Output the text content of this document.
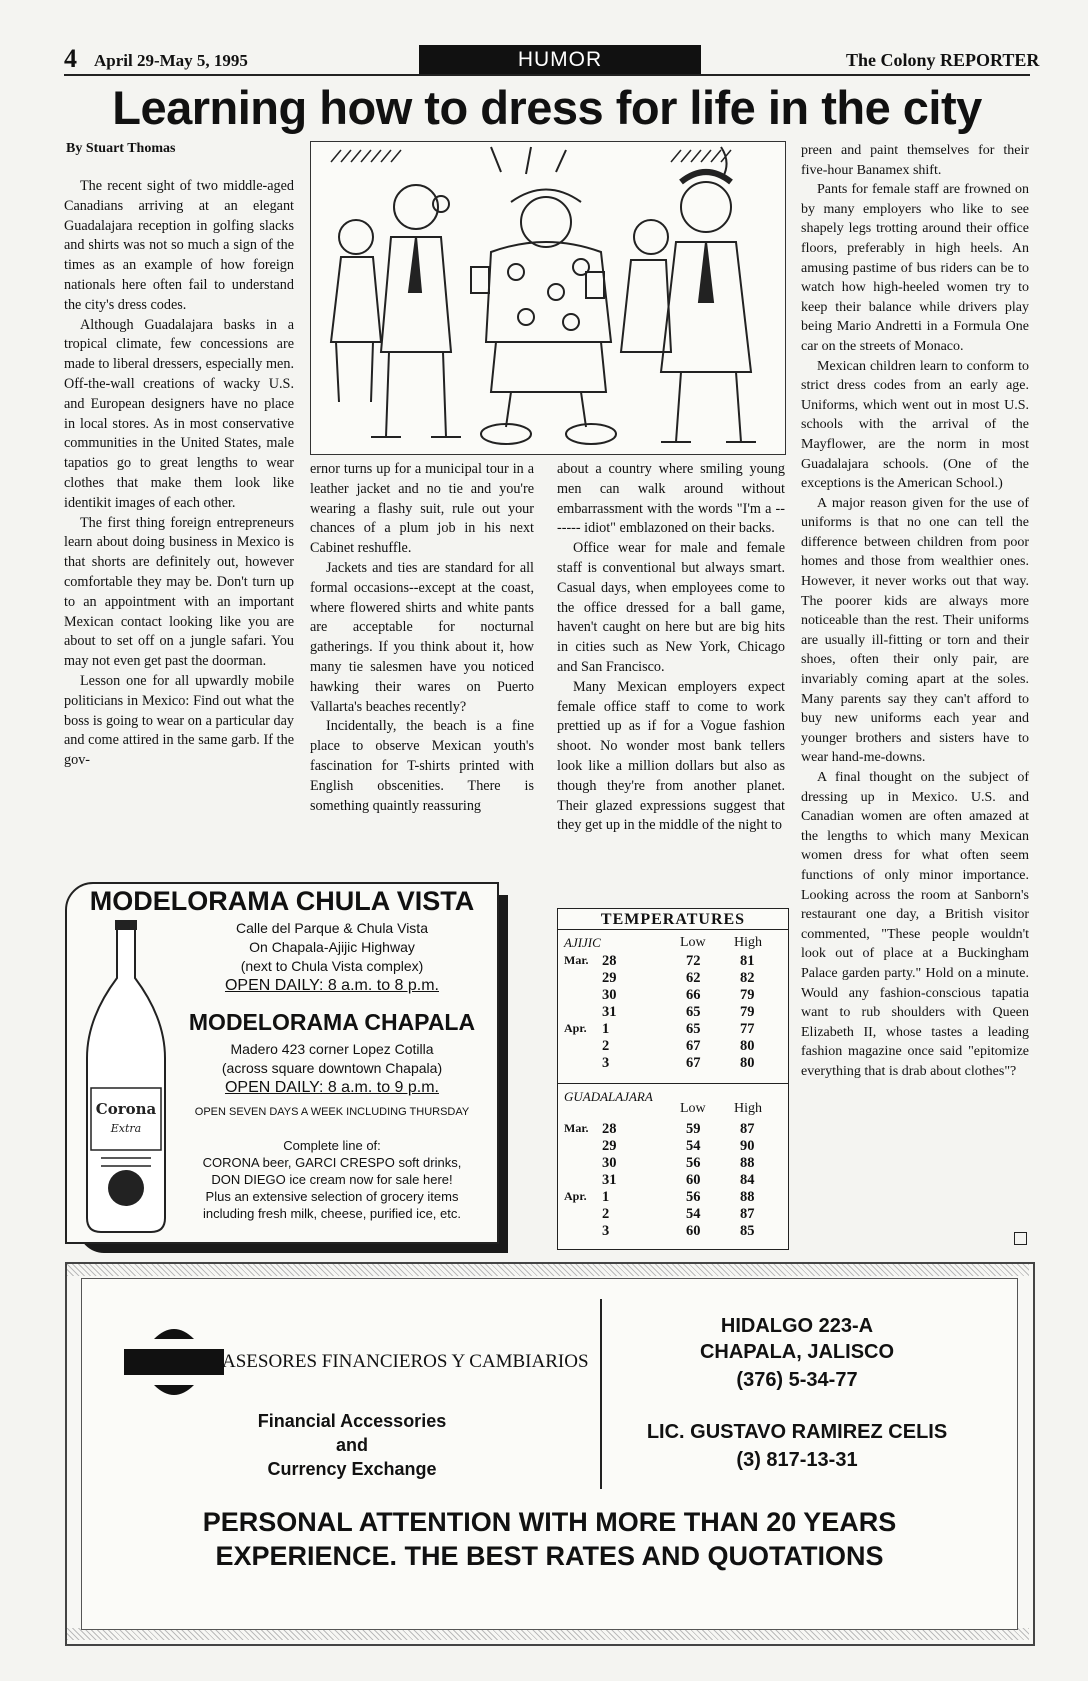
4 April 29-May 5, 1995	HUMOR	The Colony REPORTER
Learning how to dress for life in the city
By Stuart Thomas

The recent sight of two middle-aged Canadians arriving at an elegant Guadalajara reception in golfing slacks and shirts was not so much a sign of the times as an example of how foreign nationals here often fail to understand the city's dress codes.

Although Guadalajara basks in a tropical climate, few concessions are made to liberal dressers, especially men. Off-the-wall creations of wacky U.S. and European designers have no place in local stores. As in most conservative communities in the United States, male tapatios go to great lengths to wear clothes that make them look like identikit images of each other.

The first thing foreign entrepreneurs learn about doing business in Mexico is that shorts are definitely out, however comfortable they may be. Don't turn up to an appointment with an important Mexican contact looking like you are about to set off on a jungle safari. You may not even get past the doorman.

Lesson one for all upwardly mobile politicians in Mexico: Find out what the boss is going to wear on a particular day and come attired in the same garb. If the gov-

ernor turns up for a municipal tour in a leather jacket and no tie and you're wearing a flashy suit, rule out your chances of a plum job in his next Cabinet reshuffle.

Jackets and ties are standard for all formal occasions--except at the coast, where flowered shirts and white pants are acceptable for nocturnal gatherings. If you think about it, how many tie salesmen have you noticed hawking their wares on Puerto Vallarta's beaches recently?

Incidentally, the beach is a fine place to observe Mexican youth's fascination for T-shirts printed with English obscenities. There is something quaintly reassuring

about a country where smiling young men can walk around without embarrassment with the words "I'm a ------- idiot" emblazoned on their backs.

Office wear for male and female staff is conventional but always smart. Casual days, when employees come to the office dressed for a ball game, haven't caught on here but are big hits in cities such as New York, Chicago and San Francisco.

Many Mexican employers expect female office staff to come to work prettied up as if for a Vogue fashion shoot. No wonder most bank tellers look like a million dollars but also as though they're from another planet. Their glazed expressions suggest that they get up in the middle of the night to

preen and paint themselves for their five-hour Banamex shift.

Pants for female staff are frowned on by many employers who like to see shapely legs trotting around their office floors, preferably in high heels. An amusing pastime of bus riders can be to watch how high-heeled women try to keep their balance while drivers play being Mario Andretti in a Formula One car on the streets of Monaco.

Mexican children learn to conform to strict dress codes from an early age. Uniforms, which went out in most U.S. schools with the arrival of the Mayflower, are the norm in most Guadalajara schools. (One of the exceptions is the American School.)

A major reason given for the use of uniforms is that no one can tell the difference between children from poor homes and those from wealthier ones. However, it never works out that way. The poorer kids are always more noticeable than the rest. Their uniforms are usually ill-fitting or torn and their shoes, often their only pair, are invariably coming apart at the soles. Many parents say they can't afford to buy new uniforms each year and younger brothers and sisters have to wear hand-me-downs.

A final thought on the subject of dressing up in Mexico. U.S. and Canadian women are often amazed at the lengths to which many Mexican women dress for what often seem functions of only minor importance. Looking across the room at Sanborn's restaurant one day, a British visitor commented, "These people wouldn't look out of place at a Buckingham Palace garden party." Hold on a minute. Would any fashion-conscious tapatia want to rub shoulders with Queen Elizabeth II, whose tastes a leading fashion magazine once said "epitomize everything that is drab about clothes"?

MODELORAMA CHULA VISTA
Calle del Parque & Chula Vista
On Chapala-Ajijic Highway
(next to Chula Vista complex)
OPEN DAILY: 8 a.m. to 8 p.m.
MODELORAMA CHAPALA
Madero 423 corner Lopez Cotilla
(across square downtown Chapala)
OPEN DAILY: 8 a.m. to 9 p.m.
OPEN SEVEN DAYS A WEEK INCLUDING THURSDAY
Complete line of:
CORONA beer, GARCI CRESPO soft drinks,
DON DIEGO ice cream now for sale here!
Plus an extensive selection of grocery items
including fresh milk, cheese, purified ice, etc.
Corona
Extra
TEMPERATURES
AJIJIC	Low High
Mar. 28	72	81
29	62	82
30	66	79
31	65	79
Apr. 1	65	77
2	67	80
3	67	80
GUADALAJARA
Low High
Mar. 28	59	87
29	54	90
30	56	88
31	60	84
Apr. 1	56	88
2	54	87
3	60	85
ASESORES FINANCIEROS Y CAMBIARIOS
Financial Accessories
and
Currency Exchange
HIDALGO 223-A
CHAPALA, JALISCO
(376) 5-34-77
LIC. GUSTAVO RAMIREZ CELIS
(3) 817-13-31
PERSONAL ATTENTION WITH MORE THAN 20 YEARS
EXPERIENCE. THE BEST RATES AND QUOTATIONS
